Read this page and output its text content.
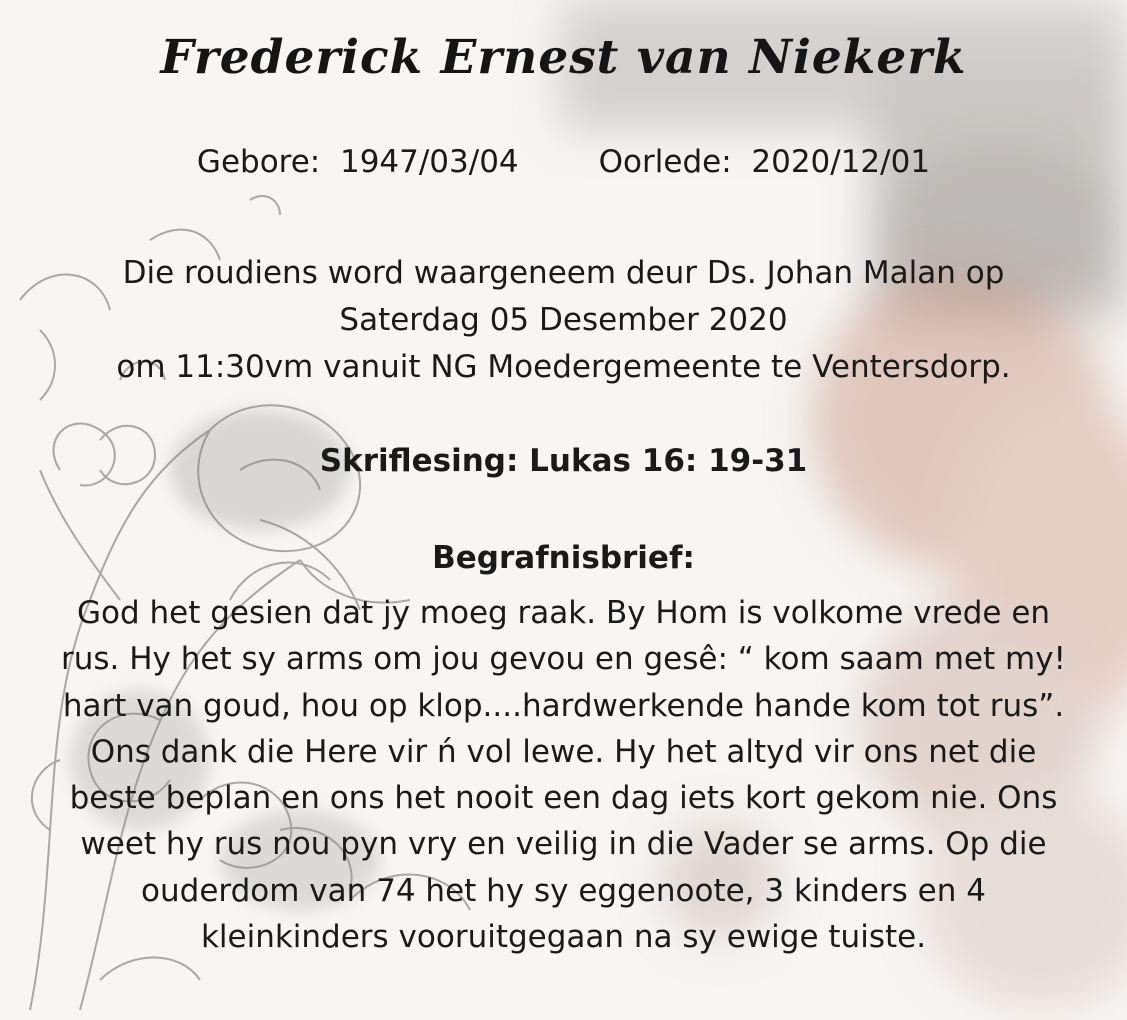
Frederick Ernest van Niekerk
Gebore: 1947/03/04	Oorlede: 2020/12/01
Die roudiens word waargeneem deur Ds. Johan Malan op
Saterdag 05 Desember 2020
om 11:30vm vanuit NG Moedergemeente te Ventersdorp.
Skriflesing: Lukas 16: 19-31
Begrafnisbrief:
God het gesien dat jy moeg raak. By Hom is volkome vrede en
rus. Hy het sy arms om jou gevou en gesê: “ kom saam met my!
hart van goud, hou op klop....hardwerkende hande kom tot rus”.
Ons dank die Here vir ń vol lewe. Hy het altyd vir ons net die
beste beplan en ons het nooit een dag iets kort gekom nie. Ons
weet hy rus nou pyn vry en veilig in die Vader se arms. Op die
ouderdom van 74 het hy sy eggenoote, 3 kinders en 4
kleinkinders vooruitgegaan na sy ewige tuiste.
